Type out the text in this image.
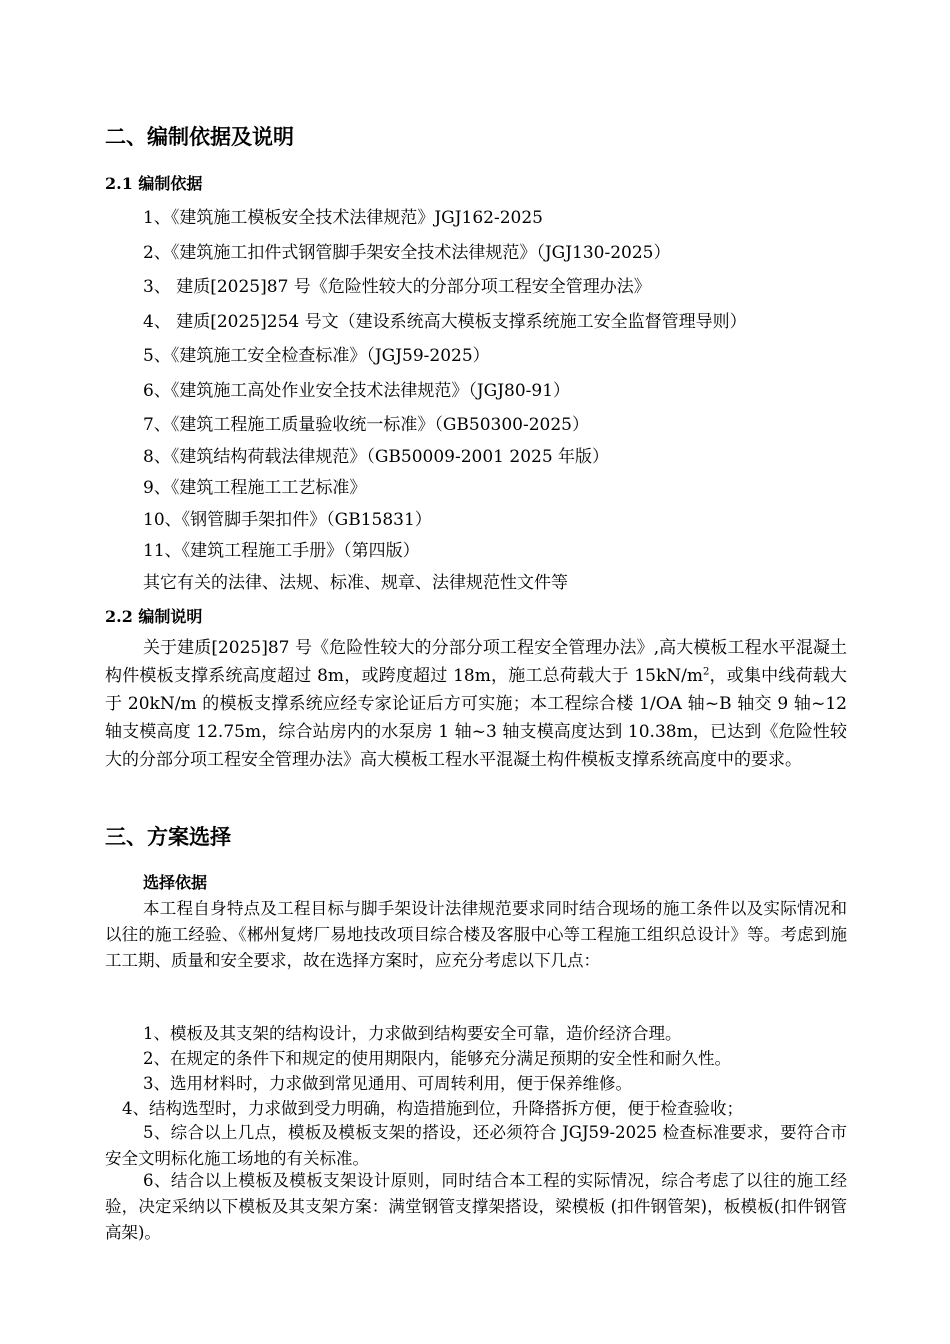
二、编制依据及说明
2.1 编制依据
1、《建筑施工模板安全技术法律规范》JGJ162-2025
2、《建筑施工扣件式钢管脚手架安全技术法律规范》（JGJ130-2025）
3、 建质[2025]87 号《危险性较大的分部分项工程安全管理办法》
4、 建质[2025]254 号文（建设系统高大模板支撑系统施工安全监督管理导则）
5、《建筑施工安全检查标准》（JGJ59-2025）
6、《建筑施工高处作业安全技术法律规范》（JGJ80-91）
7、《建筑工程施工质量验收统一标准》（GB50300-2025）
8、《建筑结构荷载法律规范》（GB50009-2001 2025 年版）
9、《建筑工程施工工艺标准》
10、《钢管脚手架扣件》（GB15831）
11、《建筑工程施工手册》（第四版）
其它有关的法律、法规、标准、规章、法律规范性文件等
2.2 编制说明

关于建质[2025]87 号《危险性较大的分部分项工程安全管理办法》,高大模板工程水平混凝土构件模板支撑系统高度超过 8m，或跨度超过 18m，施工总荷载大于 $15kN/m^2$，或集中线荷载大于 20kN/m 的模板支撑系统应经专家论证后方可实施；本工程综合楼 1/OA 轴~B 轴交 9 轴~12 轴支模高度 12.75m，综合站房内的水泵房 1 轴~3 轴支模高度达到 10.38m，已达到《危险性较大的分部分项工程安全管理办法》高大模板工程水平混凝土构件模板支撑系统高度中的要求。

三、方案选择
选择依据

本工程自身特点及工程目标与脚手架设计法律规范要求同时结合现场的施工条件以及实际情况和以往的施工经验、《郴州复烤厂易地技改项目综合楼及客服中心等工程施工组织总设计》等。考虑到施工工期、质量和安全要求，故在选择方案时，应充分考虑以下几点：

1、模板及其支架的结构设计，力求做到结构要安全可靠，造价经济合理。
2、在规定的条件下和规定的使用期限内，能够充分满足预期的安全性和耐久性。
3、选用材料时，力求做到常见通用、可周转利用，便于保养维修。
4、结构选型时，力求做到受力明确，构造措施到位，升降搭拆方便，便于检查验收；

5、综合以上几点，模板及模板支架的搭设，还必须符合 JGJ59-2025 检查标准要求，要符合市安全文明标化施工场地的有关标准。

6、结合以上模板及模板支架设计原则，同时结合本工程的实际情况，综合考虑了以往的施工经验，决定采纳以下模板及其支架方案：满堂钢管支撑架搭设，梁模板 (扣件钢管架)，板模板(扣件钢管高架)。
